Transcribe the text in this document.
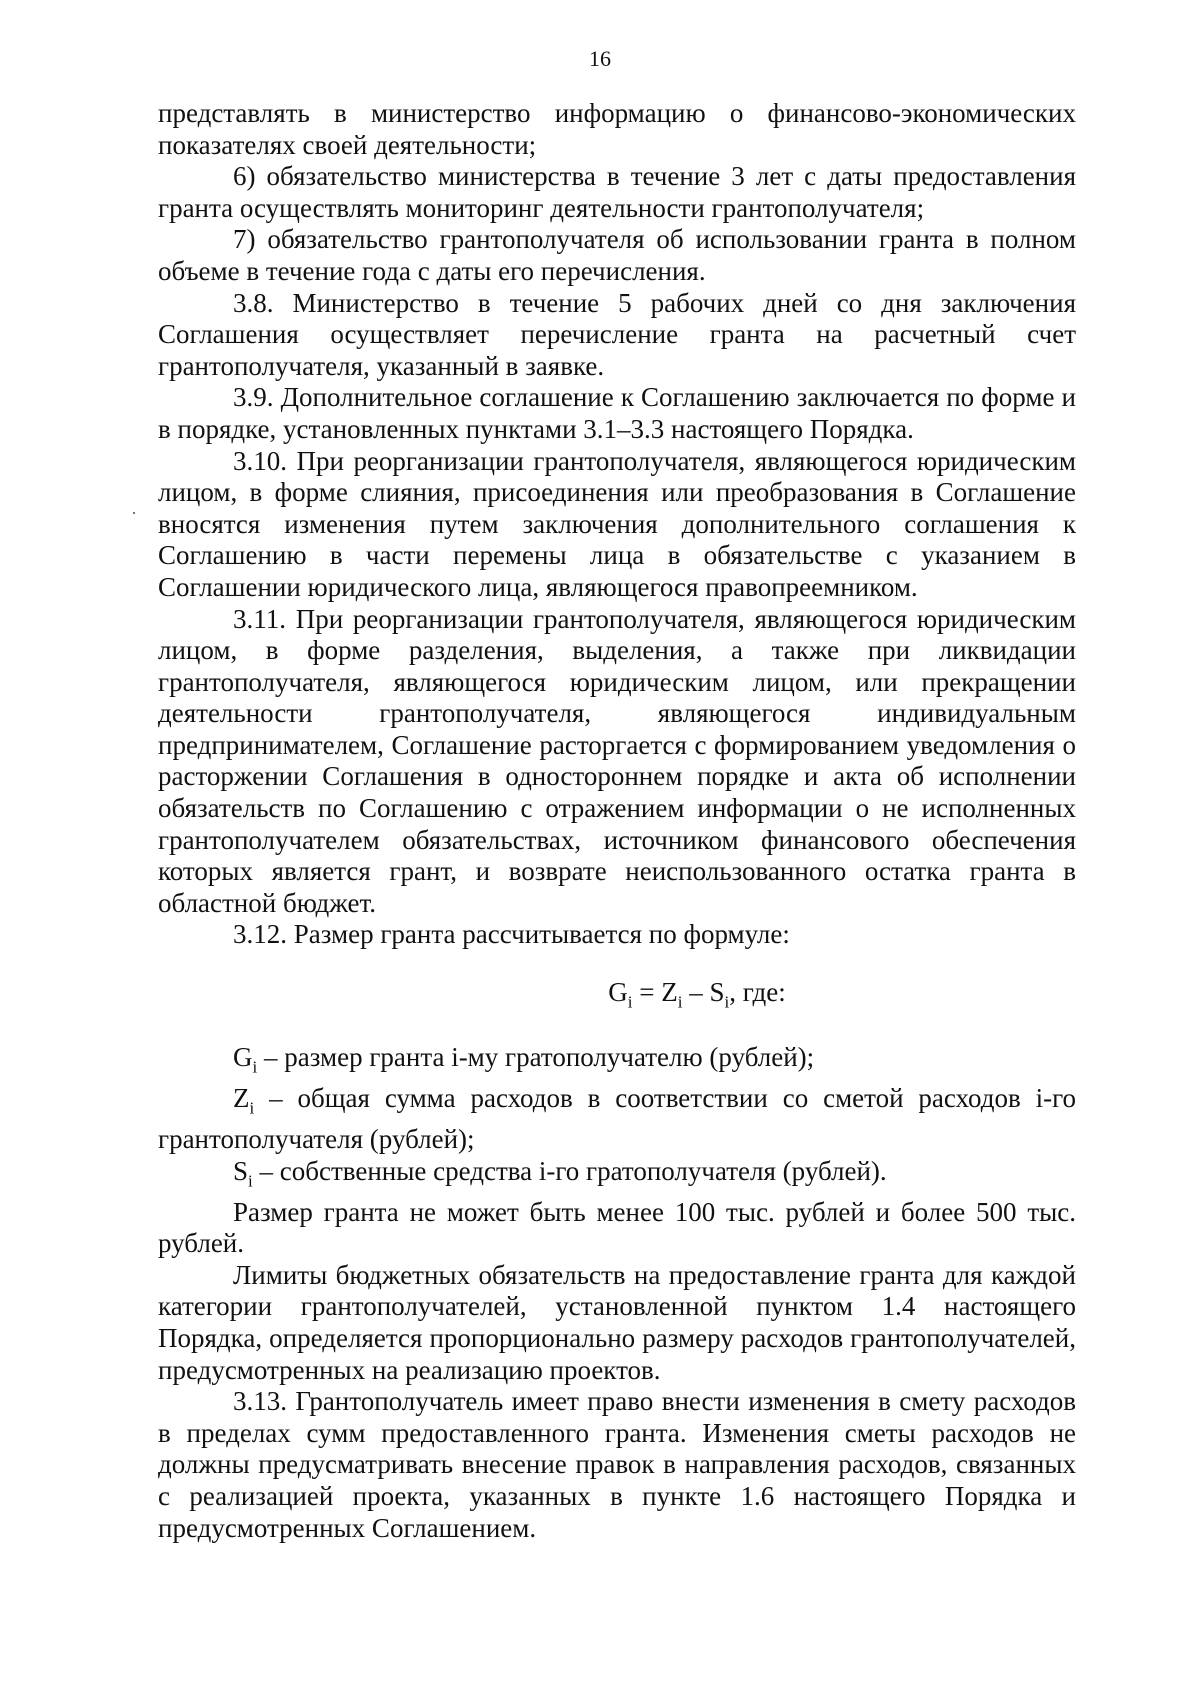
16

представлять в министерство информацию о финансово-экономических показателях своей деятельности;

6) обязательство министерства в течение 3 лет с даты предоставления гранта осуществлять мониторинг деятельности грантополучателя;

7) обязательство грантополучателя об использовании гранта в полном объеме в течение года с даты его перечисления.

3.8. Министерство в течение 5 рабочих дней со дня заключения Соглашения осуществляет перечисление гранта на расчетный счет грантополучателя, указанный в заявке.

3.9. Дополнительное соглашение к Соглашению заключается по форме и в порядке, установленных пунктами 3.1–3.3 настоящего Порядка.

3.10. При реорганизации грантополучателя, являющегося юридическим лицом, в форме слияния, присоединения или преобразования в Соглашение вносятся изменения путем заключения дополнительного соглашения к Соглашению в части перемены лица в обязательстве с указанием в Соглашении юридического лица, являющегося правопреемником.

3.11. При реорганизации грантополучателя, являющегося юридическим лицом, в форме разделения, выделения, а также при ликвидации грантополучателя, являющегося юридическим лицом, или прекращении деятельности грантополучателя, являющегося индивидуальным предпринимателем, Соглашение расторгается с формированием уведомления о расторжении Соглашения в одностороннем порядке и акта об исполнении обязательств по Соглашению с отражением информации о не исполненных грантополучателем обязательствах, источником финансового обеспечения которых является грант, и возврате неиспользованного остатка гранта в областной бюджет.

3.12. Размер гранта рассчитывается по формуле:

$G_i = Z_i - S_i$, где:

$G_i$ – размер гранта i-му гратополучателю (рублей);

$Z_i$ – общая сумма расходов в соответствии со сметой расходов i-го грантополучателя (рублей);

$S_i$ – собственные средства i-го гратополучателя (рублей).

Размер гранта не может быть менее 100 тыс. рублей и более 500 тыс. рублей.

Лимиты бюджетных обязательств на предоставление гранта для каждой категории грантополучателей, установленной пунктом 1.4 настоящего Порядка, определяется пропорционально размеру расходов грантополучателей, предусмотренных на реализацию проектов.

3.13. Грантополучатель имеет право внести изменения в смету расходов в пределах сумм предоставленного гранта. Изменения сметы расходов не должны предусматривать внесение правок в направления расходов, связанных с реализацией проекта, указанных в пункте 1.6 настоящего Порядка и предусмотренных Соглашением.
